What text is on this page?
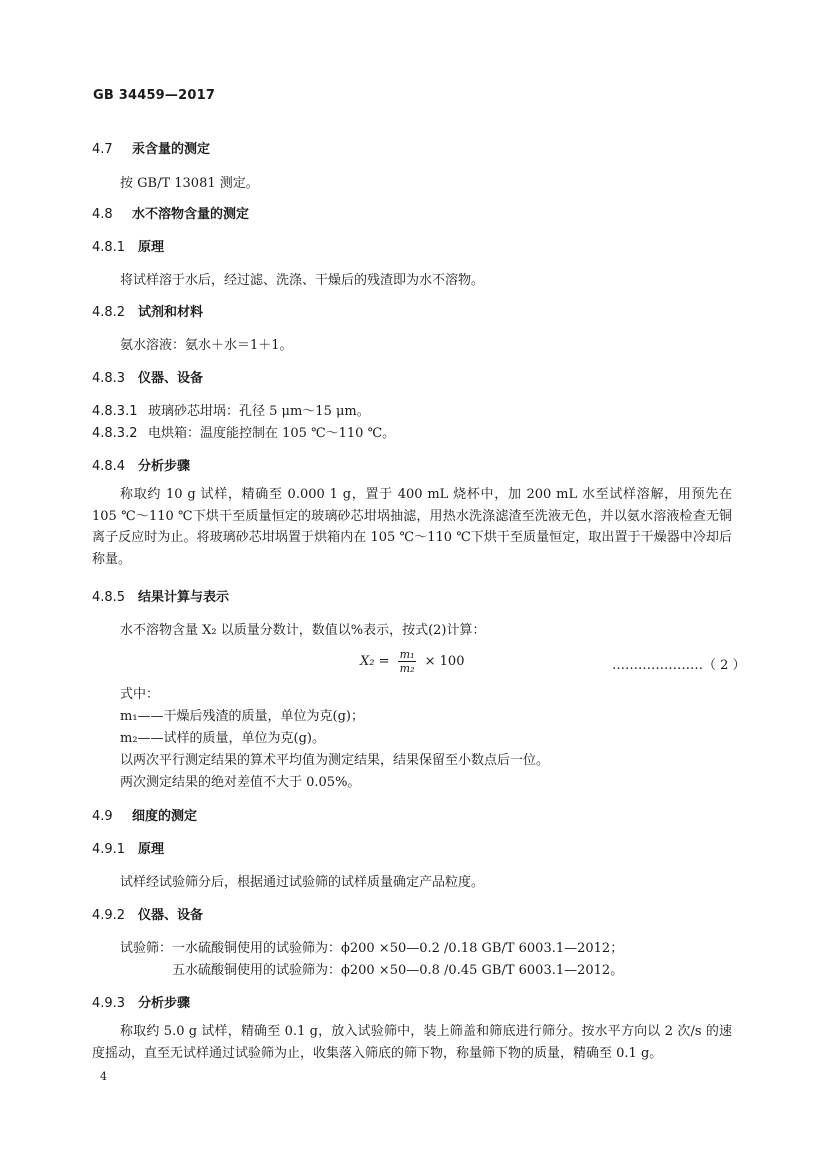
GB 34459—2017
4.7 汞含量的测定
按 GB/T 13081 测定。
4.8 水不溶物含量的测定
4.8.1 原理
将试样溶于水后，经过滤、洗涤、干燥后的残渣即为水不溶物。
4.8.2 试剂和材料
氨水溶液：氨水＋水＝1＋1。
4.8.3 仪器、设备
4.8.3.1 玻璃砂芯坩埚：孔径 5 μm～15 μm。
4.8.3.2 电烘箱：温度能控制在 105 ℃～110 ℃。
4.8.4 分析步骤
称取约 10 g 试样，精确至 0.000 1 g，置于 400 mL 烧杯中，加 200 mL 水至试样溶解，用预先在 105 ℃～110 ℃下烘干至质量恒定的玻璃砂芯坩埚抽滤，用热水洗涤滤渣至洗液无色，并以氨水溶液检查无铜离子反应时为止。将玻璃砂芯坩埚置于烘箱内在 105 ℃～110 ℃下烘干至质量恒定，取出置于干燥器中冷却后称量。
4.8.5 结果计算与表示
水不溶物含量 X₂ 以质量分数计，数值以%表示，按式(2)计算：
$X_2 = \frac{\text{m₁}}{\text{m₂}} \times 100$	…………………（ 2 ）
式中：
m₁——干燥后残渣的质量，单位为克(g)；
m₂——试样的质量，单位为克(g)。
以两次平行测定结果的算术平均值为测定结果，结果保留至小数点后一位。
两次测定结果的绝对差值不大于 0.05%。
4.9 细度的测定
4.9.1 原理
试样经试验筛分后，根据通过试验筛的试样质量确定产品粒度。
4.9.2 仪器、设备
试验筛：一水硫酸铜使用的试验筛为：ϕ200 ×50—0.2 /0.18 GB/T 6003.1—2012；
五水硫酸铜使用的试验筛为：ϕ200 ×50—0.8 /0.45 GB/T 6003.1—2012。
4.9.3 分析步骤
称取约 5.0 g 试样，精确至 0.1 g，放入试验筛中，装上筛盖和筛底进行筛分。按水平方向以 2 次/s 的速度摇动，直至无试样通过试验筛为止，收集落入筛底的筛下物，称量筛下物的质量，精确至 0.1 g。
4
